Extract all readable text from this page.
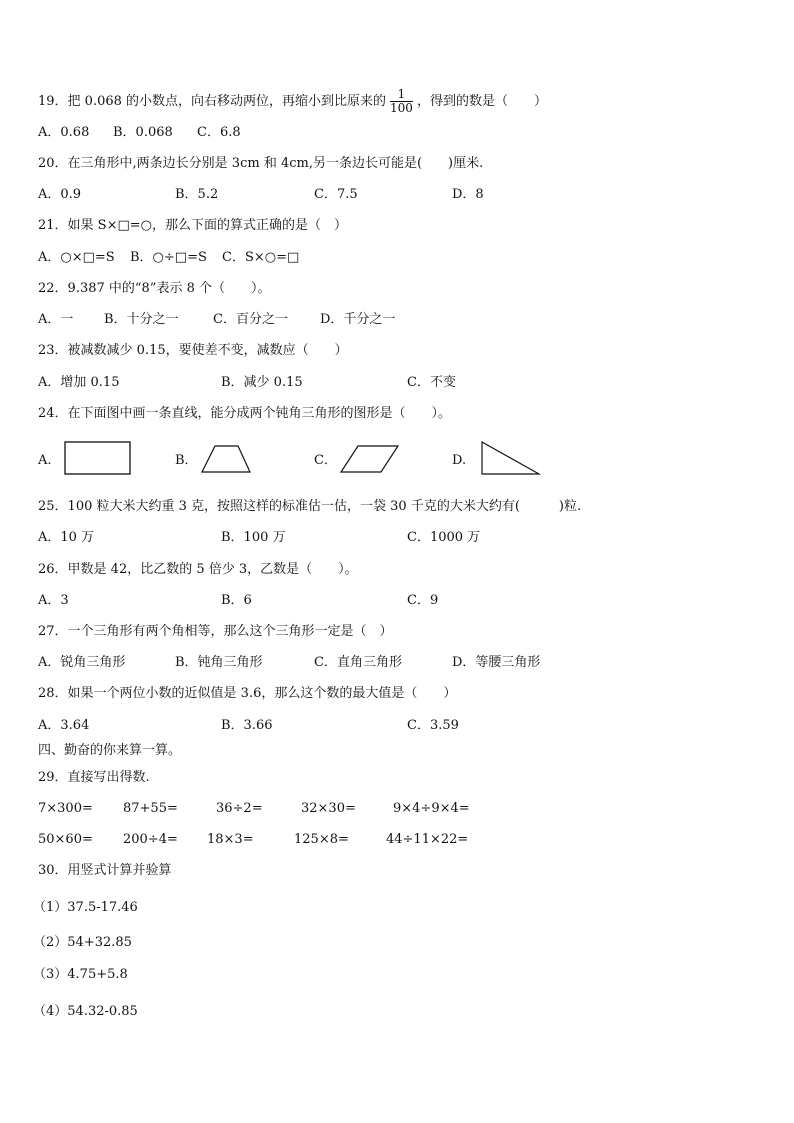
19．把 0.068 的小数点，向右移动两位，再缩小到比原来的 $\frac{1}{100}$ ，得到的数是（　　）
A．0.68 B．0.068 C．6.8
20．在三角形中,两条边长分别是 3cm 和 4cm,另一条边长可能是(　　)厘米.
A．0.9	B．5.2	C．7.5	D．8
21．如果 S×□=○，那么下面的算式正确的是（　）
A．○×□=S B．○÷□=S C．S×○=□
22．9.387 中的“8”表示 8 个（　　）。
A．一 B．十分之一	C．百分之一 D．千分之一
23．被减数减少 0.15，要使差不变，减数应（　　）
A．增加 0.15	B．减少 0.15	C．不变
24．在下面图中画一条直线，能分成两个钝角三角形的图形是（　　）。
A.	B．	C．	D.
25．100 粒大米大约重 3 克，按照这样的标准估一估，一袋 30 千克的大米大约有(　　　)粒.
A．10 万	B．100 万	C．1000 万
26．甲数是 42，比乙数的 5 倍少 3，乙数是（　　）。
A．3	B．6	C．9
27．一个三角形有两个角相等，那么这个三角形一定是（　）
A．锐角三角形	B．钝角三角形	C．直角三角形	D．等腰三角形
28．如果一个两位小数的近似值是 3.6，那么这个数的最大值是（　　）
A．3.64	B．3.66	C．3.59
四、勤奋的你来算一算。
29．直接写出得数.
7×300= 87+55=	36÷2=	32×30=	9×4÷9×4=
50×60= 200÷4= 18×3=	125×8=	44÷11×22=
30．用竖式计算并验算
（1）37.5-17.46
（2）54+32.85
（3）4.75+5.8
（4）54.32-0.85
